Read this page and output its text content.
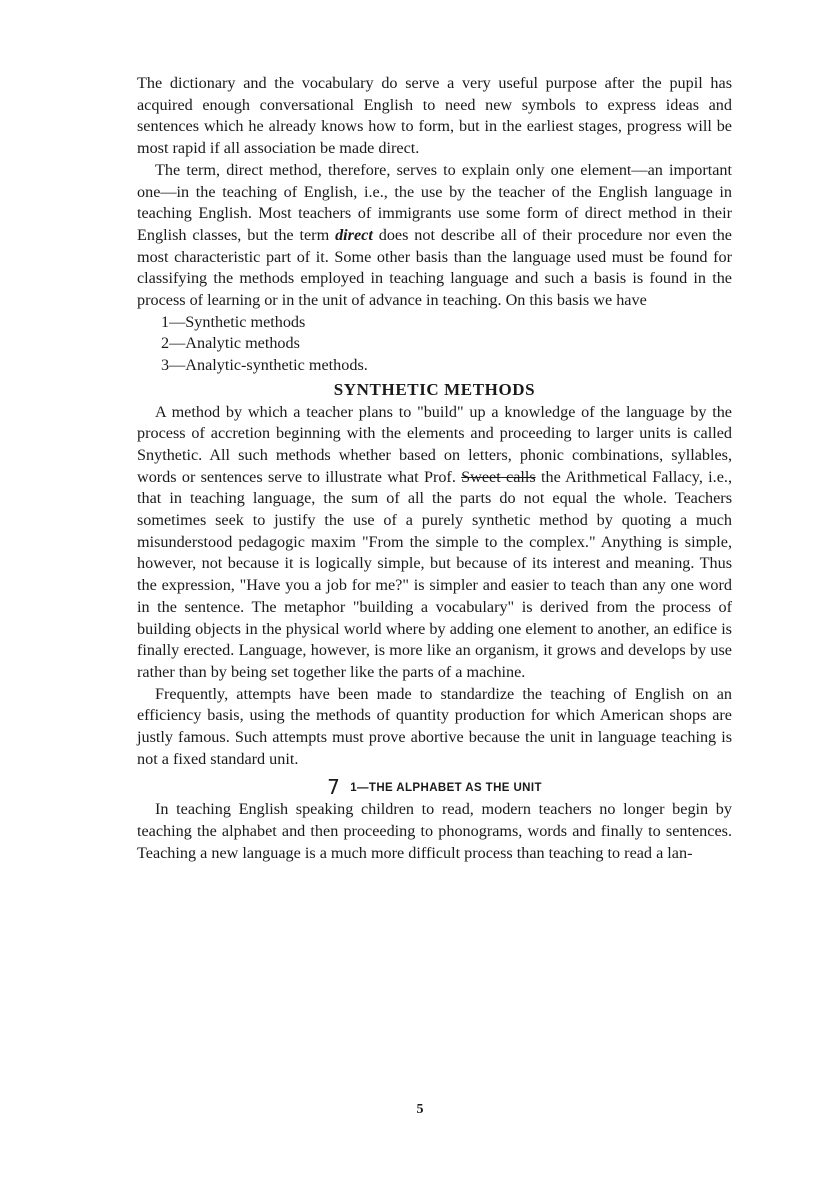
The dictionary and the vocabulary do serve a very useful purpose after the pupil has acquired enough conversational English to need new symbols to express ideas and sentences which he already knows how to form, but in the earliest stages, progress will be most rapid if all association be made direct.

The term, direct method, therefore, serves to explain only one element—an important one—in the teaching of English, i.e., the use by the teacher of the English language in teaching English. Most teachers of immigrants use some form of direct method in their English classes, but the term direct does not describe all of their procedure nor even the most characteristic part of it. Some other basis than the language used must be found for classifying the methods employed in teaching language and such a basis is found in the process of learning or in the unit of advance in teaching. On this basis we have

1—Synthetic methods
2—Analytic methods
3—Analytic-synthetic methods.
SYNTHETIC METHODS

A method by which a teacher plans to "build" up a knowledge of the language by the process of accretion beginning with the elements and proceeding to larger units is called Snythetic. All such methods whether based on letters, phonic combinations, syllables, words or sentences serve to illustrate what Prof. Sweet calls the Arithmetical Fallacy, i.e., that in teaching language, the sum of all the parts do not equal the whole. Teachers sometimes seek to justify the use of a purely synthetic method by quoting a much misunderstood pedagogic maxim "From the simple to the complex." Anything is simple, however, not because it is logically simple, but because of its interest and meaning. Thus the expression, "Have you a job for me?" is simpler and easier to teach than any one word in the sentence. The metaphor "building a vocabulary" is derived from the process of building objects in the physical world where by adding one element to another, an edifice is finally erected. Language, however, is more like an organism, it grows and develops by use rather than by being set together like the parts of a machine.

Frequently, attempts have been made to standardize the teaching of English on an efficiency basis, using the methods of quantity production for which American shops are justly famous. Such attempts must prove abortive because the unit in language teaching is not a fixed standard unit.

7 1—THE ALPHABET AS THE UNIT

In teaching English speaking children to read, modern teachers no longer begin by teaching the alphabet and then proceeding to phonograms, words and finally to sentences. Teaching a new language is a much more difficult process than teaching to read a lan-

5
